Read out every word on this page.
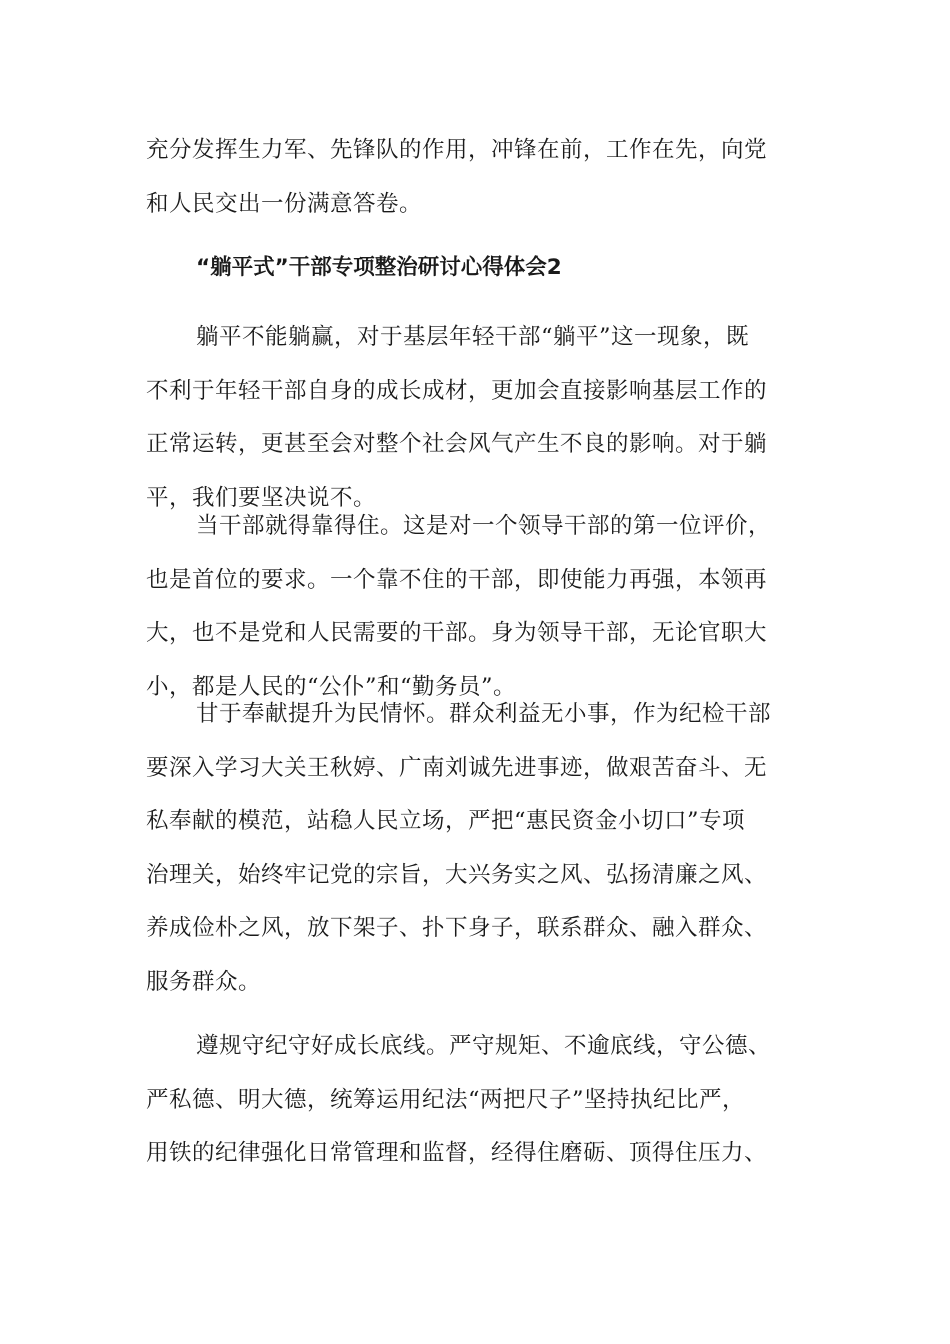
充分发挥生力军、先锋队的作用，冲锋在前，工作在先，向党
和人民交出一份满意答卷。
“躺平式”干部专项整治研讨心得体会2
躺平不能躺赢，对于基层年轻干部“躺平”这一现象，既
不利于年轻干部自身的成长成材，更加会直接影响基层工作的
正常运转，更甚至会对整个社会风气产生不良的影响。对于躺
平，我们要坚决说不。
当干部就得靠得住。这是对一个领导干部的第一位评价，
也是首位的要求。一个靠不住的干部，即使能力再强，本领再
大，也不是党和人民需要的干部。身为领导干部，无论官职大
小，都是人民的“公仆”和“勤务员”。
甘于奉献提升为民情怀。群众利益无小事，作为纪检干部
要深入学习大关王秋婷、广南刘诚先进事迹，做艰苦奋斗、无
私奉献的模范，站稳人民立场，严把“惠民资金小切口”专项
治理关，始终牢记党的宗旨，大兴务实之风、弘扬清廉之风、
养成俭朴之风，放下架子、扑下身子，联系群众、融入群众、
服务群众。
遵规守纪守好成长底线。严守规矩、不逾底线，守公德、
严私德、明大德，统筹运用纪法“两把尺子”坚持执纪比严，
用铁的纪律强化日常管理和监督，经得住磨砺、顶得住压力、
